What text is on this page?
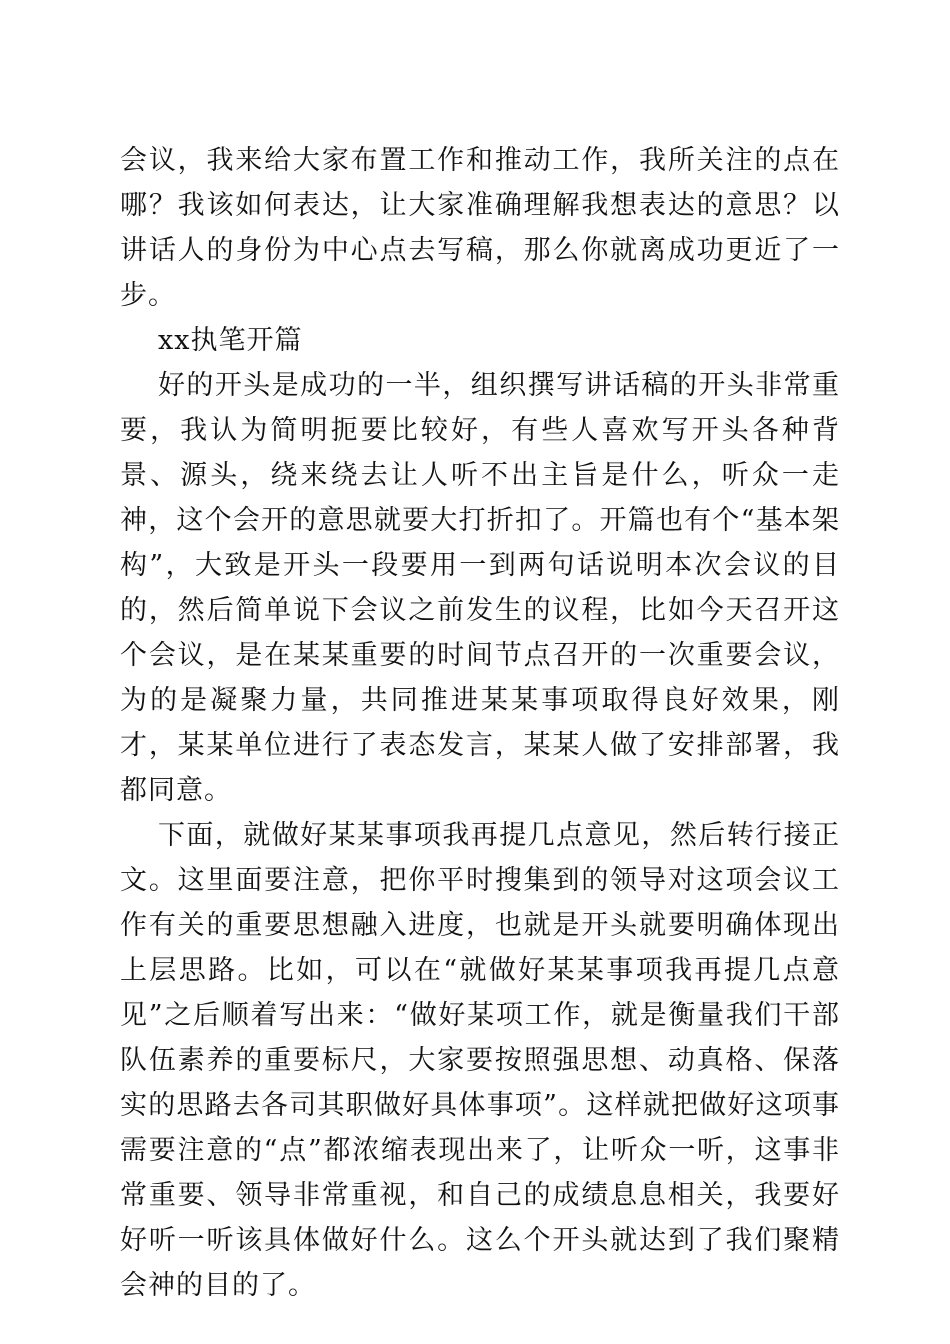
会议，我来给大家布置工作和推动工作，我所关注的点在哪？我该如何表达，让大家准确理解我想表达的意思？以讲话人的身份为中心点去写稿，那么你就离成功更近了一步。

xx执笔开篇

好的开头是成功的一半，组织撰写讲话稿的开头非常重要，我认为简明扼要比较好，有些人喜欢写开头各种背景、源头，绕来绕去让人听不出主旨是什么，听众一走神，这个会开的意思就要大打折扣了。开篇也有个“基本架构”，大致是开头一段要用一到两句话说明本次会议的目的，然后简单说下会议之前发生的议程，比如今天召开这个会议，是在某某重要的时间节点召开的一次重要会议，为的是凝聚力量，共同推进某某事项取得良好效果，刚才，某某单位进行了表态发言，某某人做了安排部署，我都同意。

下面，就做好某某事项我再提几点意见，然后转行接正文。这里面要注意，把你平时搜集到的领导对这项会议工作有关的重要思想融入进度，也就是开头就要明确体现出上层思路。比如，可以在“就做好某某事项我再提几点意见”之后顺着写出来：“做好某项工作，就是衡量我们干部队伍素养的重要标尺，大家要按照强思想、动真格、保落实的思路去各司其职做好具体事项”。这样就把做好这项事需要注意的“点”都浓缩表现出来了，让听众一听，这事非常重要、领导非常重视，和自己的成绩息息相关，我要好好听一听该具体做好什么。这么个开头就达到了我们聚精会神的目的了。
